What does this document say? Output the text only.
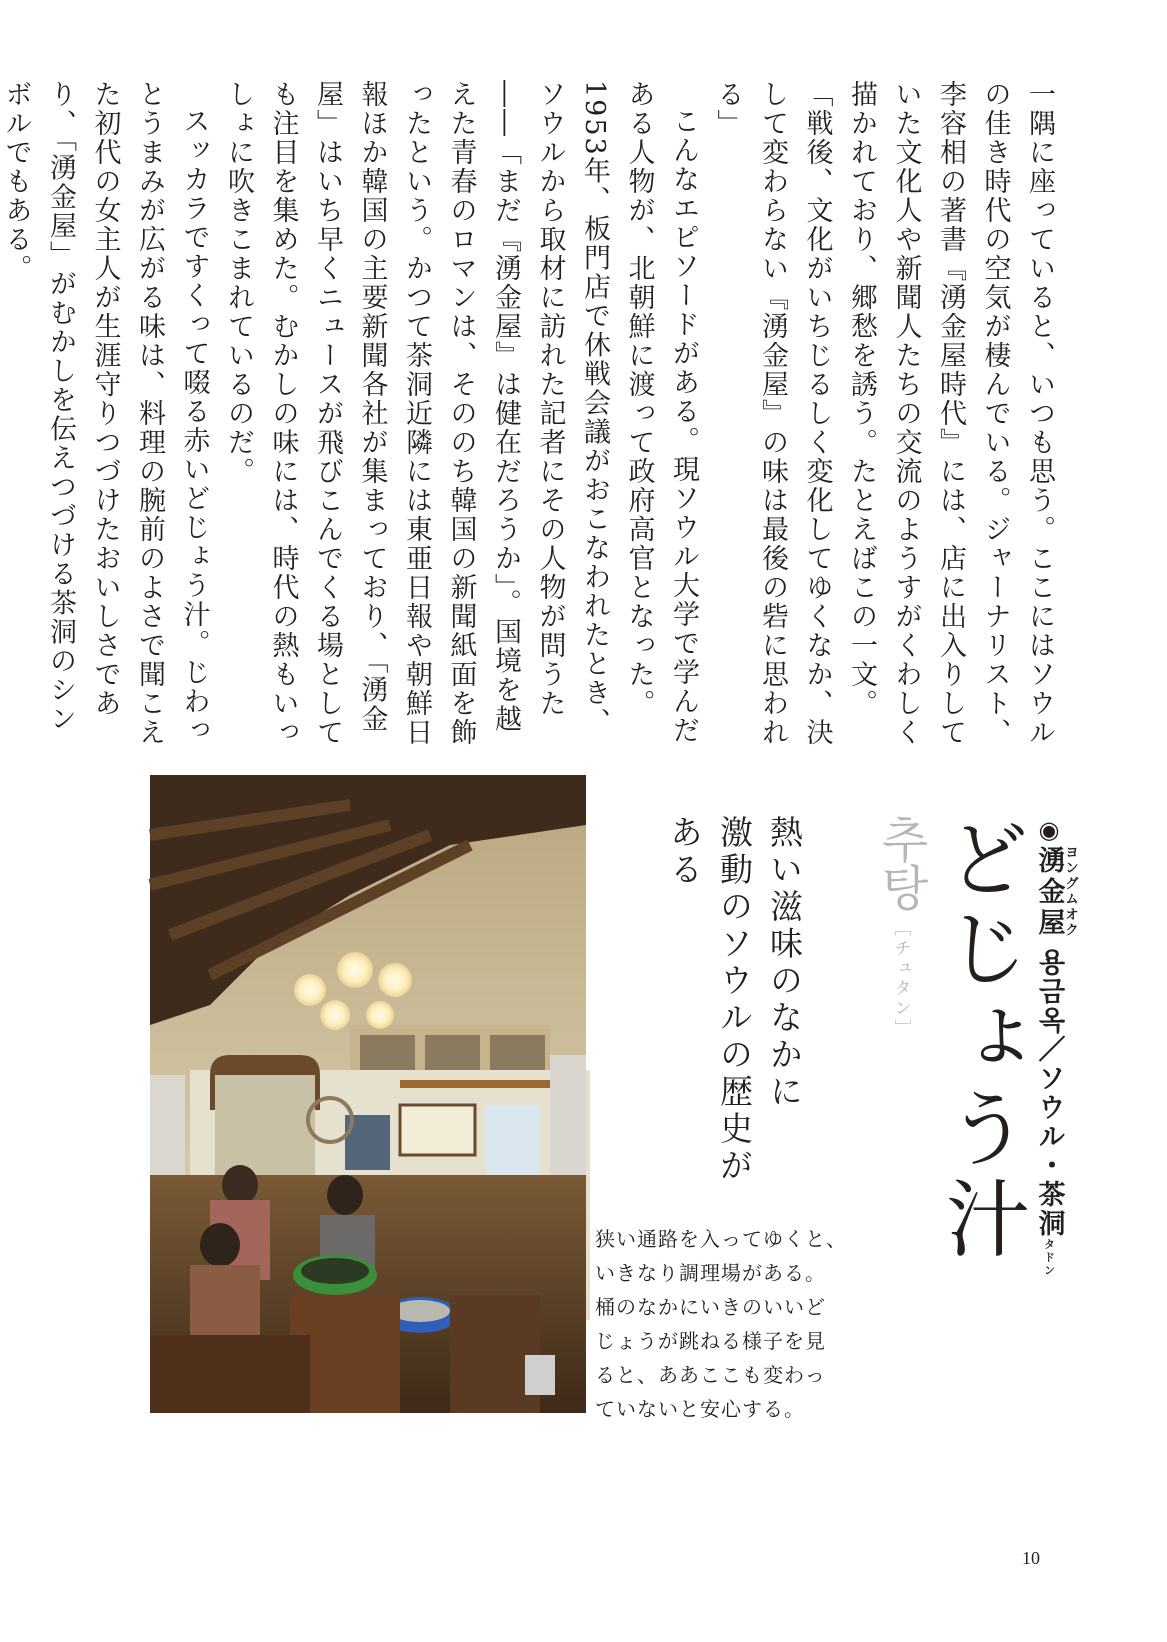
一隅に座っていると、いつも思う。ここにはソウルの佳き時代の空気が棲んでいる。ジャーナリスト、李容相の著書『湧金屋時代』には、店に出入りしていた文化人や新聞人たちの交流のようすがくわしく描かれており、郷愁を誘う。たとえばこの一文。「戦後、文化がいちじるしく変化してゆくなか、決して変わらない『湧金屋』の味は最後の砦に思われる」

こんなエピソードがある。現ソウル大学で学んだある人物が、北朝鮮に渡って政府高官となった。1953年、板門店で休戦会議がおこなわれたとき、ソウルから取材に訪れた記者にその人物が問うた――「まだ『湧金屋』は健在だろうか」。国境を越えた青春のロマンは、そののち韓国の新聞紙面を飾ったという。かつて茶洞近隣には東亜日報や朝鮮日報ほか韓国の主要新聞各社が集まっており、「湧金屋」はいち早くニュースが飛びこんでくる場としても注目を集めた。むかしの味には、時代の熱もいっしょに吹きこまれているのだ。

スッカラですくって啜る赤いどじょう汁。じわっとうまみが広がる味は、料理の腕前のよさで聞こえた初代の女主人が生涯守りつづけたおいしさであり、「湧金屋」がむかしを伝えつづける茶洞のシンボルでもある。

◉湧金屋ヨングムオク 용금옥／ソウル・茶洞タドン
どじょう汁
추탕［チュタン］
熱い滋味のなかに
激動のソウルの歴史がある
狭い通路を入ってゆくと、
いきなり調理場がある。
桶のなかにいきのいいど
じょうが跳ねる様子を見
ると、ああここも変わっ
ていないと安心する。
10
